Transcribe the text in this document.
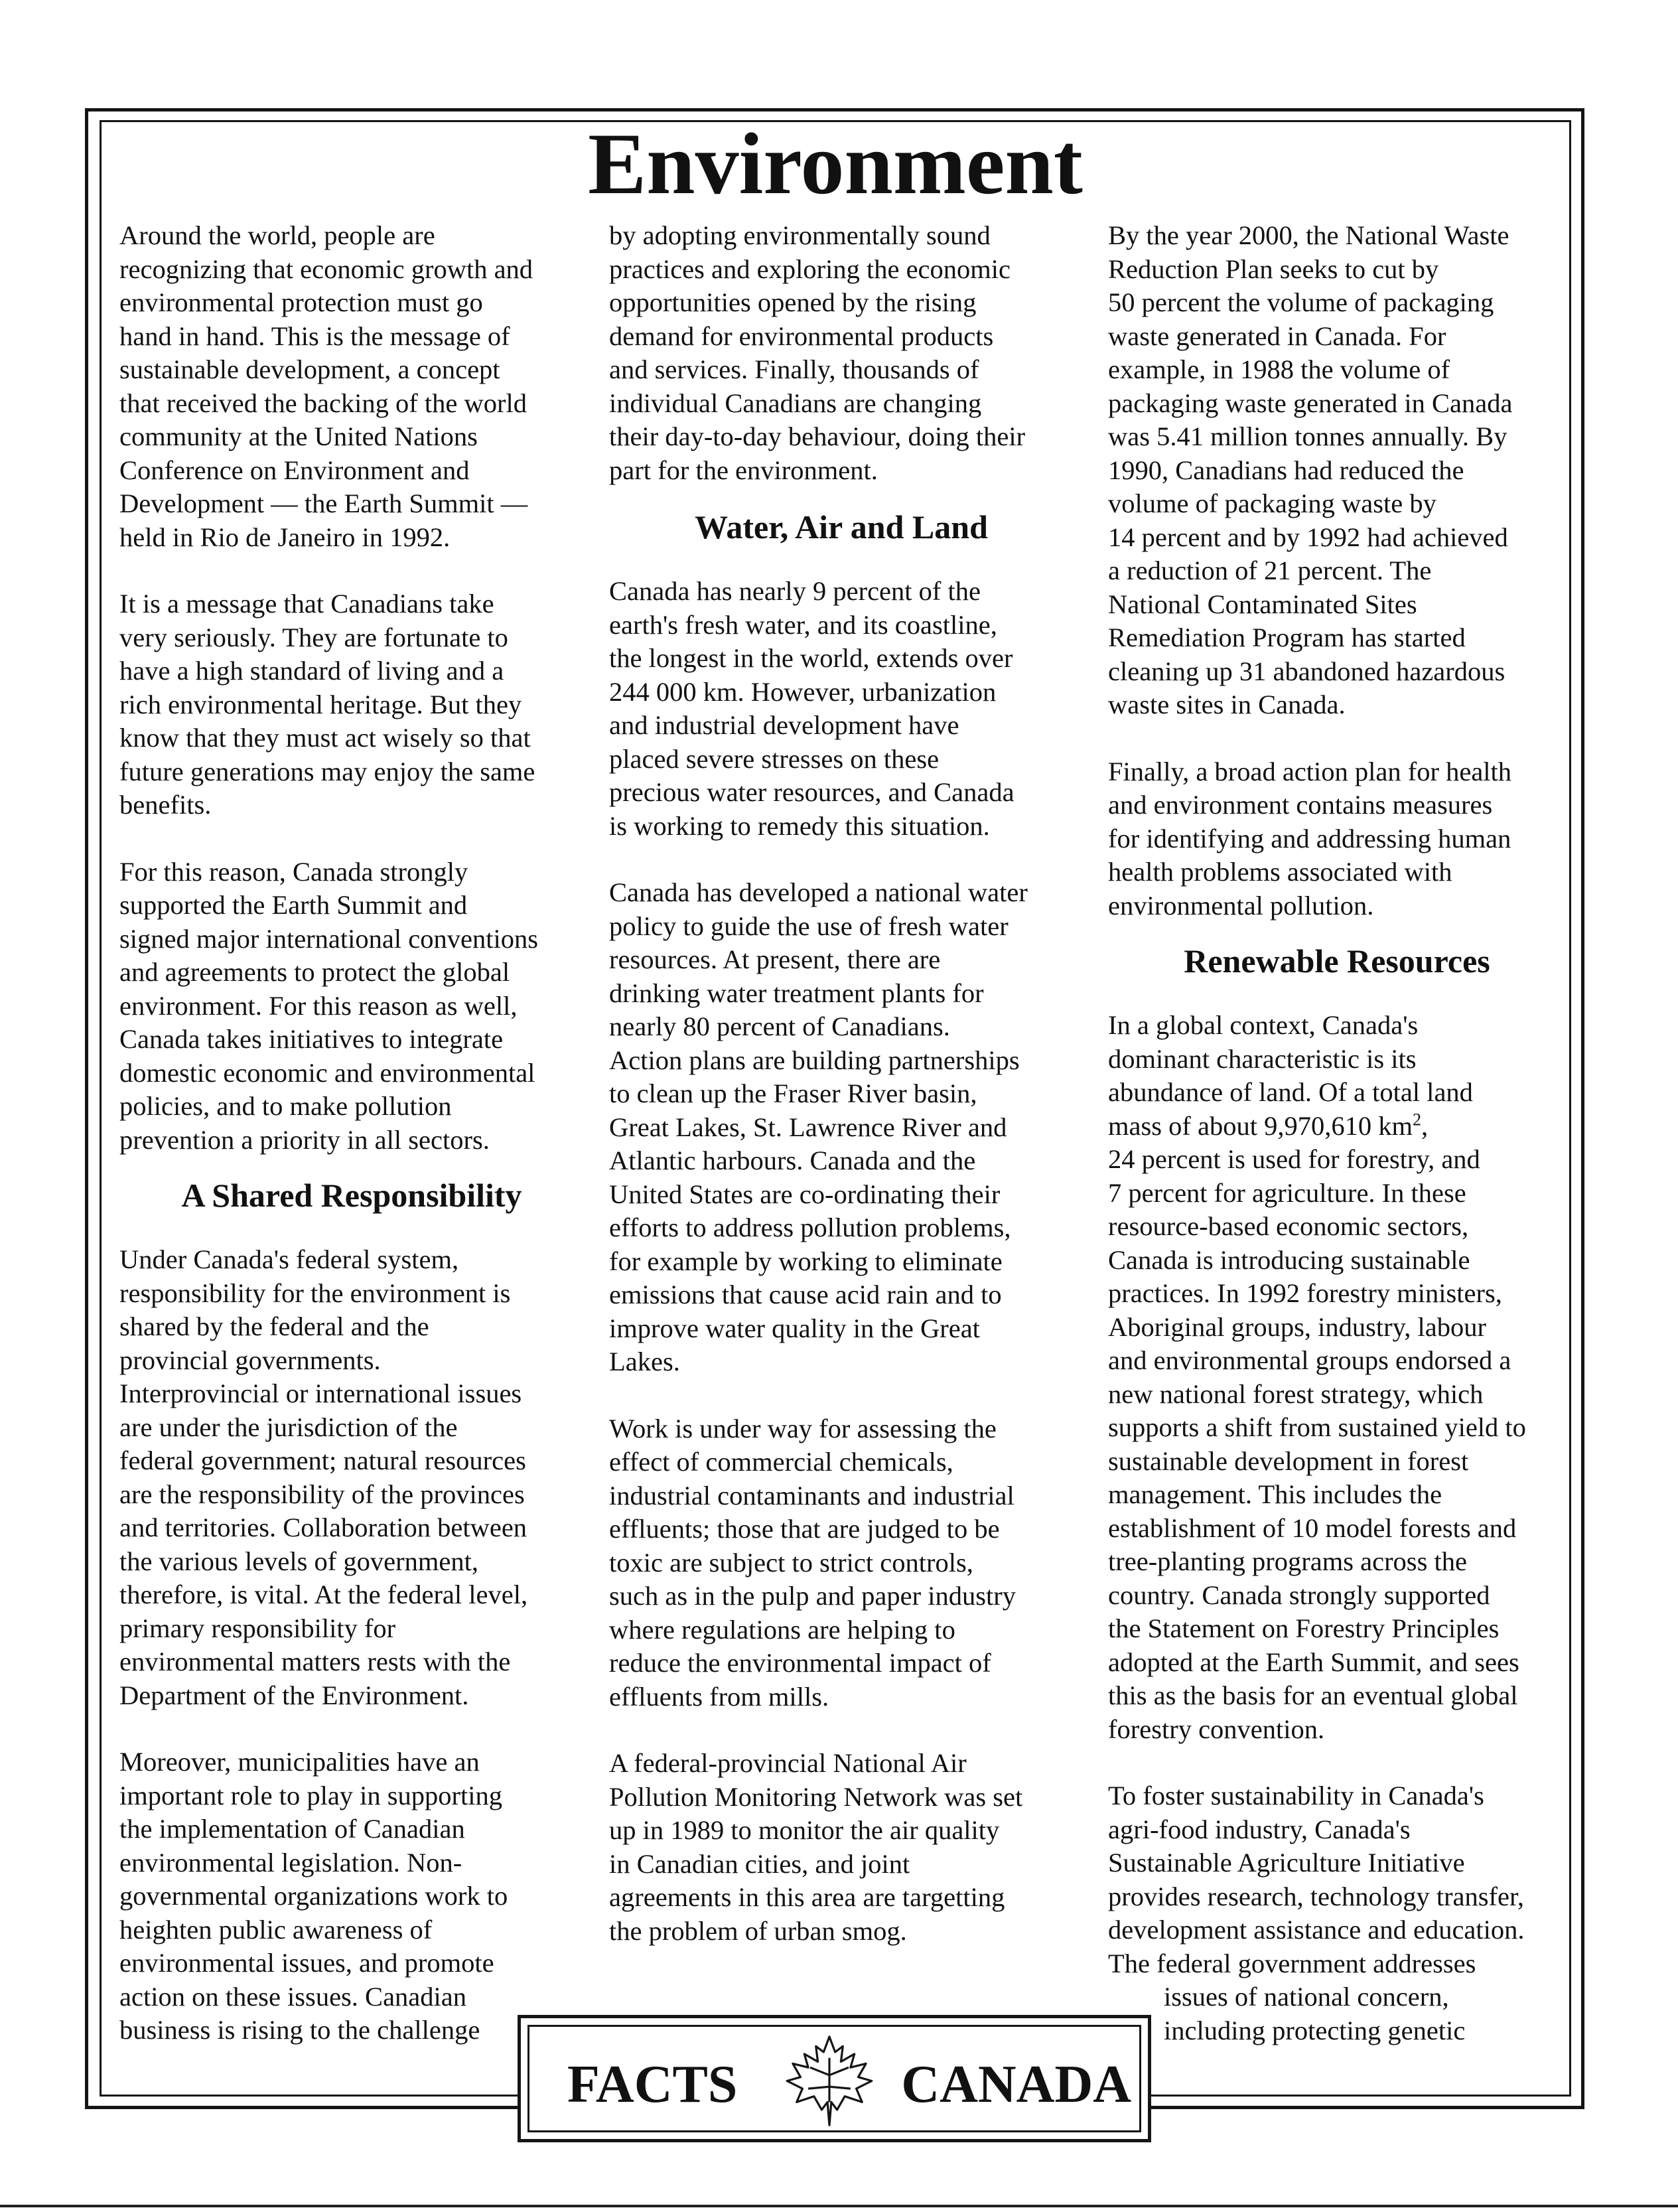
Environment

Around the world, people are
recognizing that economic growth and
environmental protection must go
hand in hand. This is the message of
sustainable development, a concept
that received the backing of the world
community at the United Nations
Conference on Environment and
Development — the Earth Summit —
held in Rio de Janeiro in 1992.

It is a message that Canadians take
very seriously. They are fortunate to
have a high standard of living and a
rich environmental heritage. But they
know that they must act wisely so that
future generations may enjoy the same
benefits.

For this reason, Canada strongly
supported the Earth Summit and
signed major international conventions
and agreements to protect the global
environment. For this reason as well,
Canada takes initiatives to integrate
domestic economic and environmental
policies, and to make pollution
prevention a priority in all sectors.

A Shared Responsibility

Under Canada's federal system,
responsibility for the environment is
shared by the federal and the
provincial governments.
Interprovincial or international issues
are under the jurisdiction of the
federal government; natural resources
are the responsibility of the provinces
and territories. Collaboration between
the various levels of government,
therefore, is vital. At the federal level,
primary responsibility for
environmental matters rests with the
Department of the Environment.

Moreover, municipalities have an
important role to play in supporting
the implementation of Canadian
environmental legislation. Non-
governmental organizations work to
heighten public awareness of
environmental issues, and promote
action on these issues. Canadian
business is rising to the challenge

by adopting environmentally sound
practices and exploring the economic
opportunities opened by the rising
demand for environmental products
and services. Finally, thousands of
individual Canadians are changing
their day-to-day behaviour, doing their
part for the environment.

Water, Air and Land

Canada has nearly 9 percent of the
earth's fresh water, and its coastline,
the longest in the world, extends over
244 000 km. However, urbanization
and industrial development have
placed severe stresses on these
precious water resources, and Canada
is working to remedy this situation.

Canada has developed a national water
policy to guide the use of fresh water
resources. At present, there are
drinking water treatment plants for
nearly 80 percent of Canadians.
Action plans are building partnerships
to clean up the Fraser River basin,
Great Lakes, St. Lawrence River and
Atlantic harbours. Canada and the
United States are co-ordinating their
efforts to address pollution problems,
for example by working to eliminate
emissions that cause acid rain and to
improve water quality in the Great
Lakes.

Work is under way for assessing the
effect of commercial chemicals,
industrial contaminants and industrial
effluents; those that are judged to be
toxic are subject to strict controls,
such as in the pulp and paper industry
where regulations are helping to
reduce the environmental impact of
effluents from mills.

A federal-provincial National Air
Pollution Monitoring Network was set
up in 1989 to monitor the air quality
in Canadian cities, and joint
agreements in this area are targetting
the problem of urban smog.

By the year 2000, the National Waste
Reduction Plan seeks to cut by
50 percent the volume of packaging
waste generated in Canada. For
example, in 1988 the volume of
packaging waste generated in Canada
was 5.41 million tonnes annually. By
1990, Canadians had reduced the
volume of packaging waste by
14 percent and by 1992 had achieved
a reduction of 21 percent. The
National Contaminated Sites
Remediation Program has started
cleaning up 31 abandoned hazardous
waste sites in Canada.

Finally, a broad action plan for health
and environment contains measures
for identifying and addressing human
health problems associated with
environmental pollution.

Renewable Resources

In a global context, Canada's
dominant characteristic is its
abundance of land. Of a total land
mass of about 9,970,610 $km^2$,
24 percent is used for forestry, and
7 percent for agriculture. In these
resource-based economic sectors,
Canada is introducing sustainable
practices. In 1992 forestry ministers,
Aboriginal groups, industry, labour
and environmental groups endorsed a
new national forest strategy, which
supports a shift from sustained yield to
sustainable development in forest
management. This includes the
establishment of 10 model forests and
tree-planting programs across the
country. Canada strongly supported
the Statement on Forestry Principles
adopted at the Earth Summit, and sees
this as the basis for an eventual global
forestry convention.

To foster sustainability in Canada's
agri-food industry, Canada's
Sustainable Agriculture Initiative
provides research, technology transfer,
development assistance and education.
The federal government addresses
issues of national concern,
including protecting genetic

FACTS	CANADA
